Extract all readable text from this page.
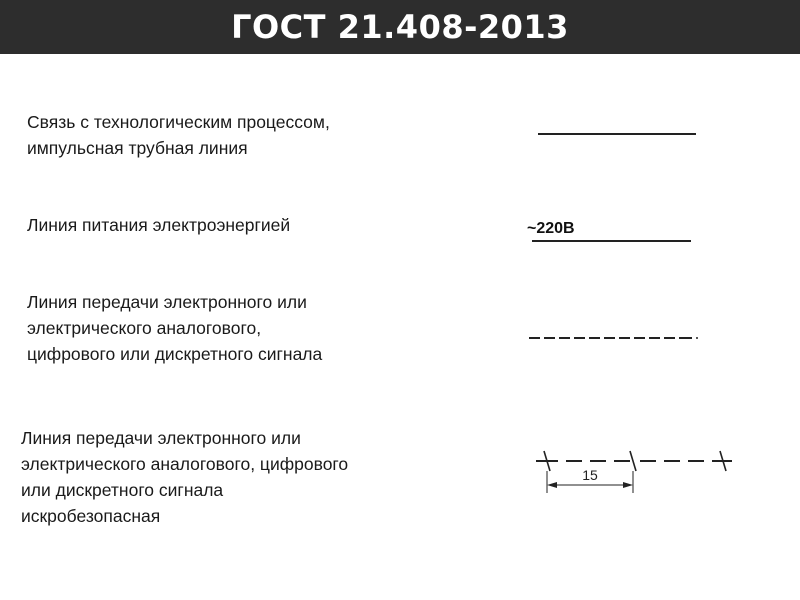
ГОСТ 21.408-2013
Связь с технологическим процессом,
импульсная трубная линия
Линия питания электроэнергией	~220В
Линия передачи электронного или
электрического аналогового,
цифрового или дискретного сигнала
Линия передачи электронного или
электрического аналогового, цифрового
или дискретного сигнала
искробезопасная
15
